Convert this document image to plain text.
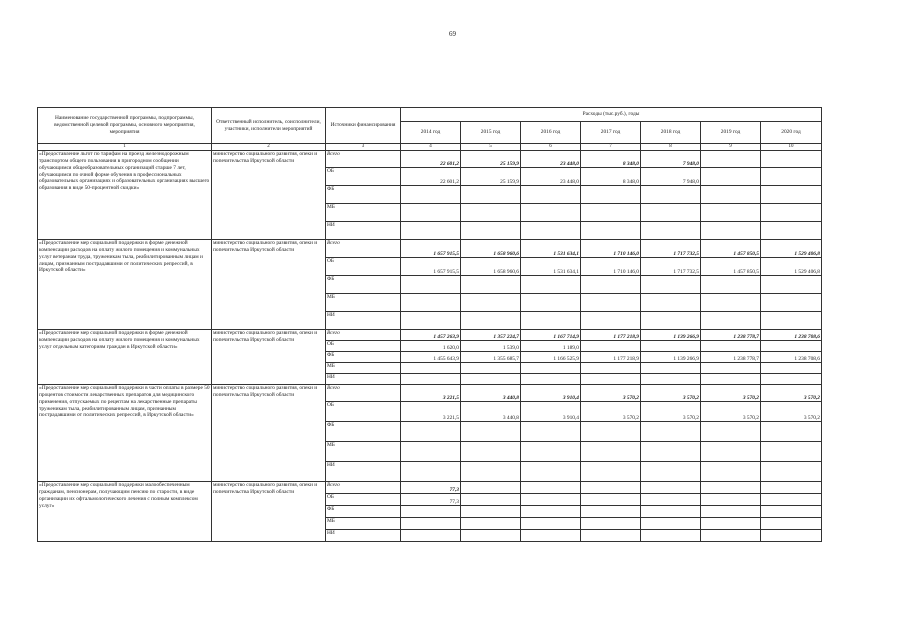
69
Наименование государственной программы, подпрограммы, ведомственной целевой программы, основного мероприятия, мероприятия	Ответственный исполнитель, соисполнители, участники, исполнители мероприятий	Источники финансирования	Расходы (тыс.руб.), годы						
			2014 год	2015 год	2016 год	2017 год	2018 год	2019 год	2020 год
1	2	3	4	5	6	7	8	9	10
«Предоставление льгот по тарифам на проезд железнодорожным транспортом общего пользования в пригородном сообщении обучающимся общеобразовательных организаций старше 7 лет, обучающимся по очной форме обучения в профессиональных образовательных организациях и образовательных организациях высшего образования в виде 50-процентной скидки»	министерство социального развития, опеки и попечительства Иркутской области	Всего	22 601,2	25 159,9	23 448,0	8 348,0	7 948,0		
		ОБ	22 601,2	25 159,9	23 448,0	8 348,0	7 948,0		
		ФБ							
		МБ							
		НИ							
«Предоставление мер социальной поддержки в форме денежной компенсации расходов на оплату жилого помещения и коммунальных услуг ветеранам труда, труженикам тыла, реабилитированным лицам и лицам, признанным пострадавшими от политических репрессий, в Иркутской области»	министерство социального развития, опеки и попечительства Иркутской области	Всего	1 657 915,5	1 658 960,6	1 531 634,1	1 710 146,0	1 717 732,5	1 457 850,5	1 529 406,8
		ОБ	1 657 915,5	1 658 960,6	1 531 634,1	1 710 146,0	1 717 732,5	1 457 850,5	1 529 406,8
		ФБ							
		МБ							
		НИ							
«Предоставление мер социальной поддержки в форме денежной компенсации расходов на оплату жилого помещения и коммунальных услуг отдельным категориям граждан в Иркутской области»	министерство социального развития, опеки и попечительства Иркутской области	Всего	1 457 263,9	1 357 224,7	1 167 714,9	1 177 218,9	1 139 266,9	1 238 778,7	1 238 708,6
		ОБ	1 620,0	1 539,0	1 189,0				
		ФБ	1 455 643,9	1 355 685,7	1 166 525,9	1 177 218,9	1 139 266,9	1 238 778,7	1 238 708,6
		МБ							
		НИ							
«Предоставление мер социальной поддержки в части оплаты в размере 50 процентов стоимости лекарственных препаратов для медицинского применения, отпускаемых по рецептам на лекарственные препараты труженикам тыла, реабилитированным лицам, признанным пострадавшими от политических репрессий, в Иркутской области»	министерство социального развития, опеки и попечительства Иркутской области	Всего	3 221,5	3 440,8	3 910,4	3 570,2	3 570,2	3 570,2	3 570,2
		ОБ	3 221,5	3 440,8	3 910,4	3 570,2	3 570,2	3 570,2	3 570,2
		ФБ							
		МБ							
		НИ							
«Предоставление мер социальной поддержки малообеспеченным гражданам, пенсионерам, получающим пенсию по старости, в виде организации их офтальмологического лечения с полным комплексом услуг»	министерство социального развития, опеки и попечительства Иркутской области	Всего	77,3						
		ОБ	77,3						
		ФБ							
		МБ							
		НИ							
